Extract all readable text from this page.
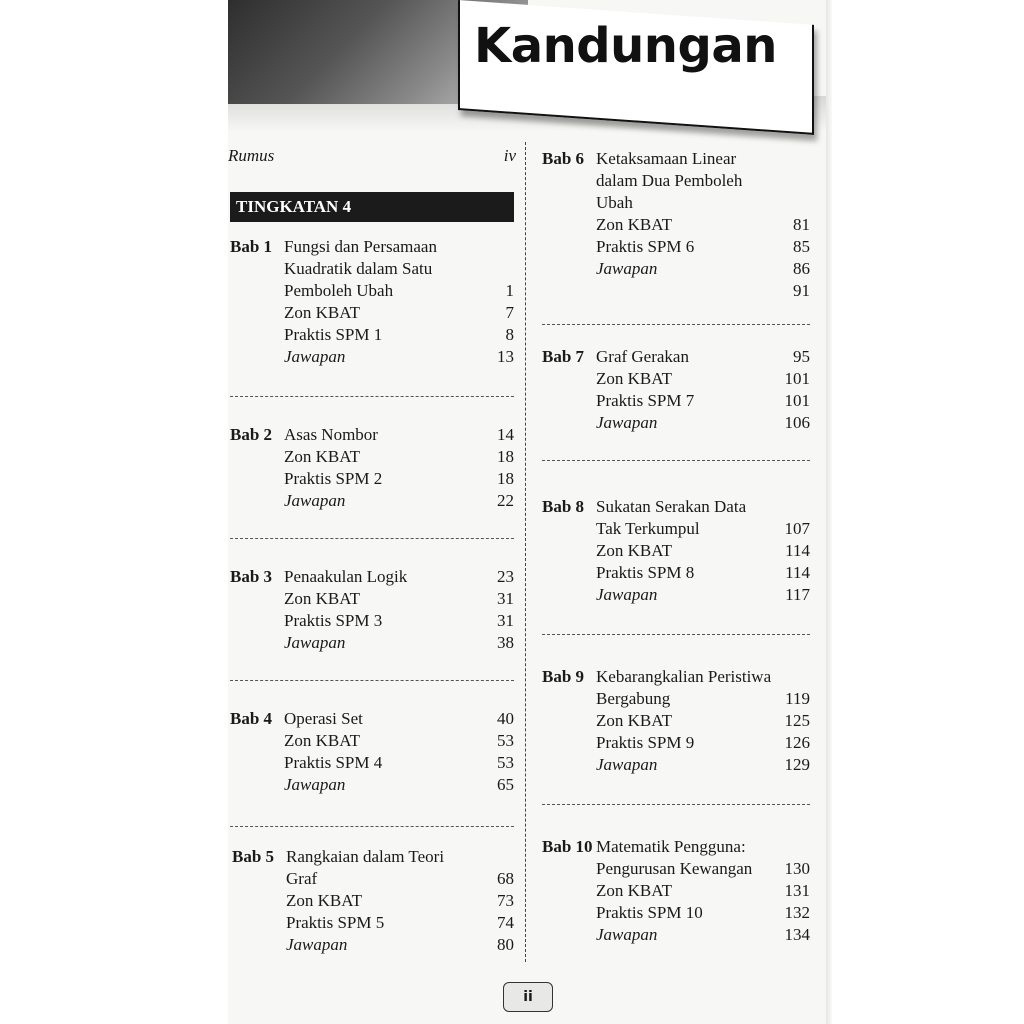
Kandungan
Rumus	iv
TINGKATAN 4
Bab 1 Fungsi dan Persamaan
Kuadratik dalam Satu
Pemboleh Ubah	1
Zon KBAT	7
Praktis SPM 1	8
Jawapan	13
Bab 2 Asas Nombor	14
Zon KBAT	18
Praktis SPM 2	18
Jawapan	22
Bab 3 Penaakulan Logik	23
Zon KBAT	31
Praktis SPM 3	31
Jawapan	38
Bab 4 Operasi Set	40
Zon KBAT	53
Praktis SPM 4	53
Jawapan	65
Bab 5 Rangkaian dalam Teori
Graf	68
Zon KBAT	73
Praktis SPM 5	74
Jawapan	80
Bab 6 Ketaksamaan Linear
dalam Dua Pemboleh
Ubah
Zon KBAT	81
Praktis SPM 6	85
Jawapan	86
91
Bab 7 Graf Gerakan	95
Zon KBAT	101
Praktis SPM 7	101
Jawapan	106
Bab 8 Sukatan Serakan Data
Tak Terkumpul	107
Zon KBAT	114
Praktis SPM 8	114
Jawapan	117
Bab 9 Kebarangkalian Peristiwa
Bergabung	119
Zon KBAT	125
Praktis SPM 9	126
Jawapan	129
Bab 10 Matematik Pengguna:
Pengurusan Kewangan	130
Zon KBAT	131
Praktis SPM 10	132
Jawapan	134
ii
